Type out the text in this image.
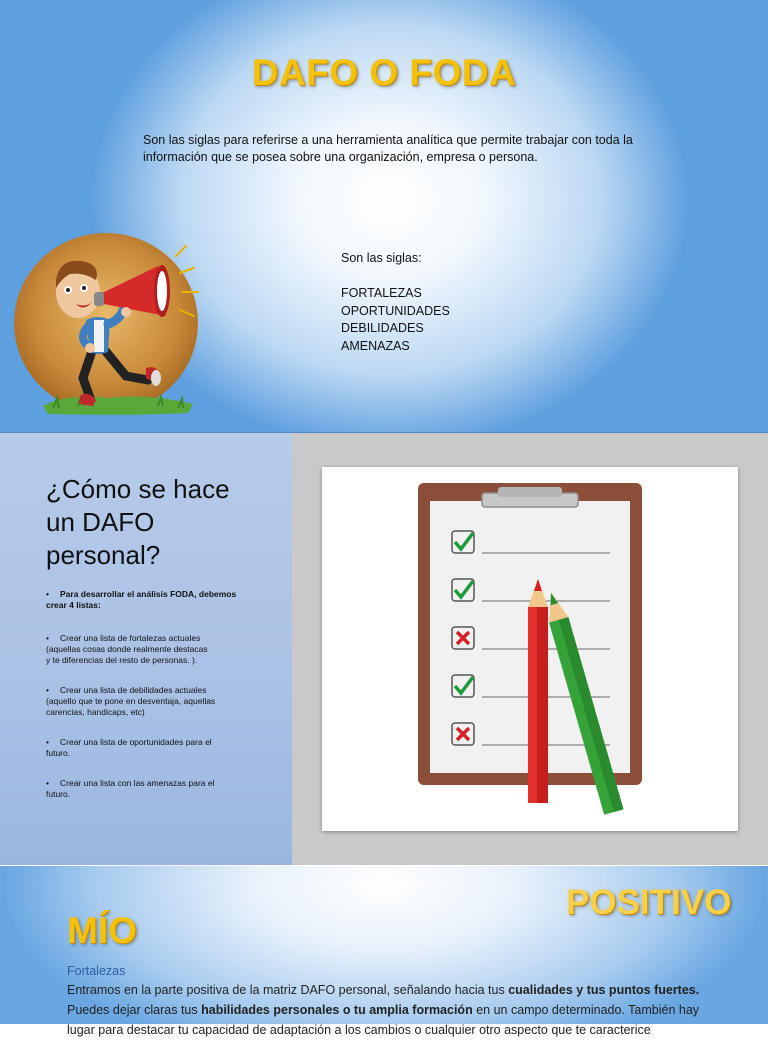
DAFO O FODA

Son las siglas para referirse a una herramienta analítica que permite trabajar con toda la

información que se posea sobre una organización, empresa o persona.

Son las siglas:
FORTALEZAS
OPORTUNIDADES
DEBILIDADES
AMENAZAS
¿Cómo se hace
un DAFO
personal?
• Para desarrollar el análisis FODA, debemos
crear 4 listas:
• Crear una lista de fortalezas actuales
(aquellas cosas donde realmente destacas
y te diferencias del resto de personas. ).
• Crear una lista de debilidades actuales
(aquello que te pone en desventaja, aquellas
carencias, handicaps, etc)
• Crear una lista de oportunidades para el
futuro.
• Crear una lista con las amenazas para el
futuro.
MÍO
POSITIVO
Fortalezas

Entramos en la parte positiva de la matriz DAFO personal, señalando hacia tus cualidades y tus puntos fuertes.
Puedes dejar claras tus habilidades personales o tu amplia formación en un campo determinado. También hay
lugar para destacar tu capacidad de adaptación a los cambios o cualquier otro aspecto que te caracterice
